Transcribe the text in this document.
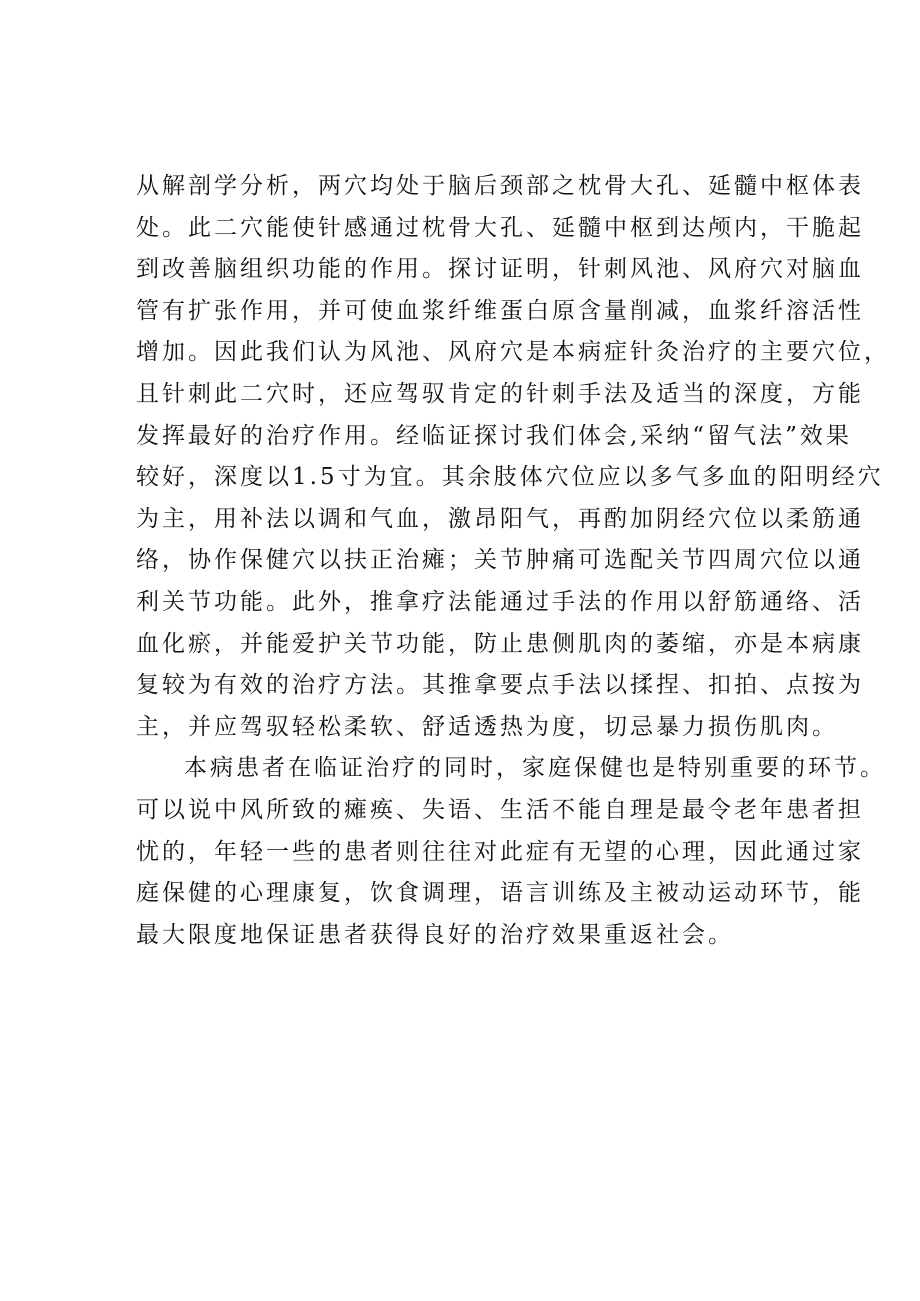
从解剖学分析，两穴均处于脑后颈部之枕骨大孔、延髓中枢体表
处。此二穴能使针感通过枕骨大孔、延髓中枢到达颅内，干脆起
到改善脑组织功能的作用。探讨证明，针刺风池、风府穴对脑血
管有扩张作用，并可使血浆纤维蛋白原含量削减，血浆纤溶活性
增加。因此我们认为风池、风府穴是本病症针灸治疗的主要穴位，
且针刺此二穴时，还应驾驭肯定的针刺手法及适当的深度，方能
发挥最好的治疗作用。经临证探讨我们体会,采纳“留气法”效果
较好，深度以1.5寸为宜。其余肢体穴位应以多气多血的阳明经穴
为主，用补法以调和气血，激昂阳气，再酌加阴经穴位以柔筋通
络，协作保健穴以扶正治瘫；关节肿痛可选配关节四周穴位以通
利关节功能。此外，推拿疗法能通过手法的作用以舒筋通络、活
血化瘀，并能爱护关节功能，防止患侧肌肉的萎缩，亦是本病康
复较为有效的治疗方法。其推拿要点手法以揉捏、扣拍、点按为
主，并应驾驭轻松柔软、舒适透热为度，切忌暴力损伤肌肉。
本病患者在临证治疗的同时，家庭保健也是特别重要的环节。
可以说中风所致的瘫痪、失语、生活不能自理是最令老年患者担
忧的，年轻一些的患者则往往对此症有无望的心理，因此通过家
庭保健的心理康复，饮食调理，语言训练及主被动运动环节，能
最大限度地保证患者获得良好的治疗效果重返社会。
